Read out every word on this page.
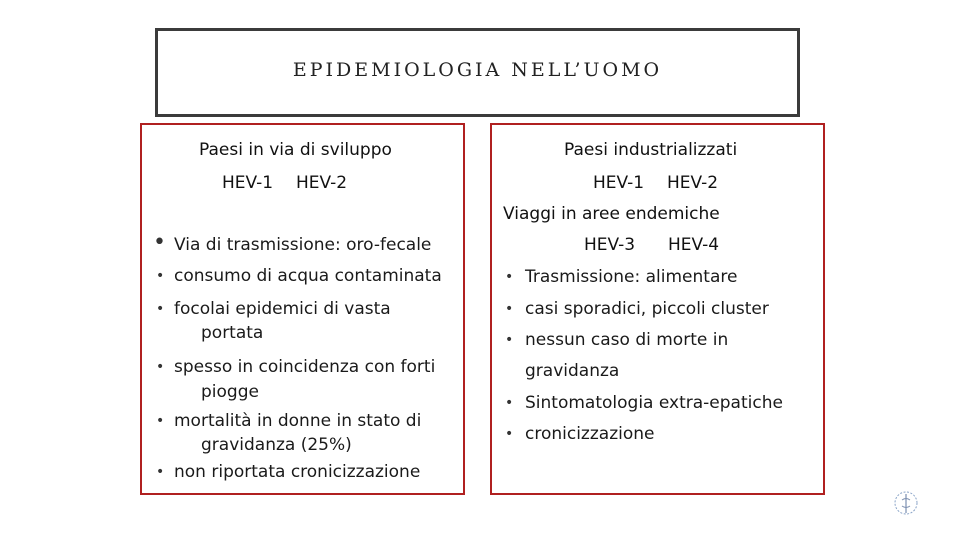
EPIDEMIOLOGIA NELL’UOMO
Paesi in via di sviluppo
HEV-1 HEV-2
• Via di trasmissione: oro-fecale
• consumo di acqua contaminata
• focolai epidemici di vasta
portata
• spesso in coincidenza con forti
piogge
• mortalità in donne in stato di
gravidanza (25%)
• non riportata cronicizzazione
Paesi industrializzati
HEV-1 HEV-2
Viaggi in aree endemiche
HEV-3 HEV-4
• Trasmissione: alimentare
• casi sporadici, piccoli cluster
• nessun caso di morte in
gravidanza
• Sintomatologia extra-epatiche
• cronicizzazione
